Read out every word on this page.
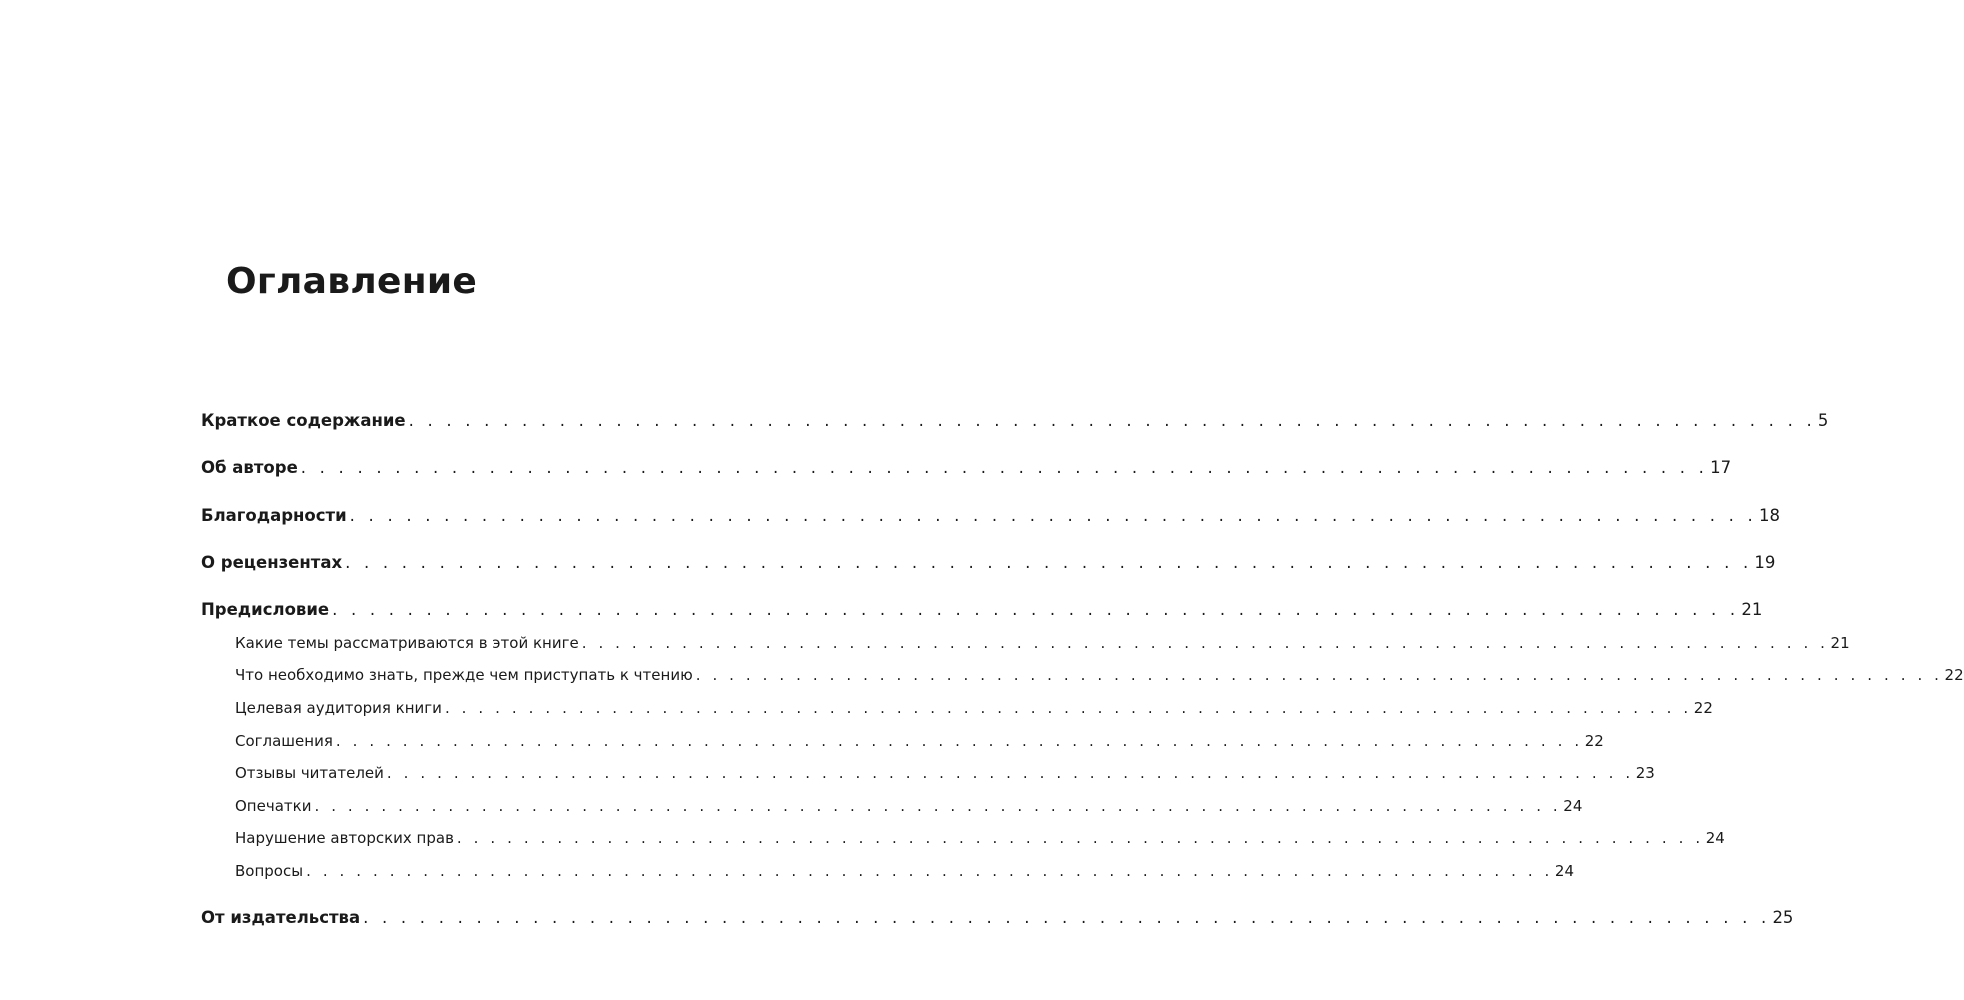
Оглавление
Краткое содержание . . . . . . . . . . . . . . . . . . . . . . . . . . . . . . . . . . . . . . . . . . . . . . . . . . . . . . . . . . . . . . . . . . . . . . . . . . . 5
Об авторе . . . . . . . . . . . . . . . . . . . . . . . . . . . . . . . . . . . . . . . . . . . . . . . . . . . . . . . . . . . . . . . . . . . . . . . . . . . 17
Благодарности . . . . . . . . . . . . . . . . . . . . . . . . . . . . . . . . . . . . . . . . . . . . . . . . . . . . . . . . . . . . . . . . . . . . . . . . . . . 18
О рецензентах . . . . . . . . . . . . . . . . . . . . . . . . . . . . . . . . . . . . . . . . . . . . . . . . . . . . . . . . . . . . . . . . . . . . . . . . . . . 19
Предисловие . . . . . . . . . . . . . . . . . . . . . . . . . . . . . . . . . . . . . . . . . . . . . . . . . . . . . . . . . . . . . . . . . . . . . . . . . . . 21
Какие темы рассматриваются в этой книге . . . . . . . . . . . . . . . . . . . . . . . . . . . . . . . . . . . . . . . . . . . . . . . . . . . . . . . . . . . . . . . . . . . . . . . . . . . 21
Что необходимо знать, прежде чем приступать к чтению . . . . . . . . . . . . . . . . . . . . . . . . . . . . . . . . . . . . . . . . . . . . . . . . . . . . . . . . . . . . . . . . . . . . . . . . . . . 22
Целевая аудитория книги . . . . . . . . . . . . . . . . . . . . . . . . . . . . . . . . . . . . . . . . . . . . . . . . . . . . . . . . . . . . . . . . . . . . . . . . . . . 22
Соглашения . . . . . . . . . . . . . . . . . . . . . . . . . . . . . . . . . . . . . . . . . . . . . . . . . . . . . . . . . . . . . . . . . . . . . . . . . . . 22
Отзывы читателей . . . . . . . . . . . . . . . . . . . . . . . . . . . . . . . . . . . . . . . . . . . . . . . . . . . . . . . . . . . . . . . . . . . . . . . . . . . 23
Опечатки . . . . . . . . . . . . . . . . . . . . . . . . . . . . . . . . . . . . . . . . . . . . . . . . . . . . . . . . . . . . . . . . . . . . . . . . . . . 24
Нарушение авторских прав . . . . . . . . . . . . . . . . . . . . . . . . . . . . . . . . . . . . . . . . . . . . . . . . . . . . . . . . . . . . . . . . . . . . . . . . . . . 24
Вопросы . . . . . . . . . . . . . . . . . . . . . . . . . . . . . . . . . . . . . . . . . . . . . . . . . . . . . . . . . . . . . . . . . . . . . . . . . . . 24
От издательства . . . . . . . . . . . . . . . . . . . . . . . . . . . . . . . . . . . . . . . . . . . . . . . . . . . . . . . . . . . . . . . . . . . . . . . . . . . 25
